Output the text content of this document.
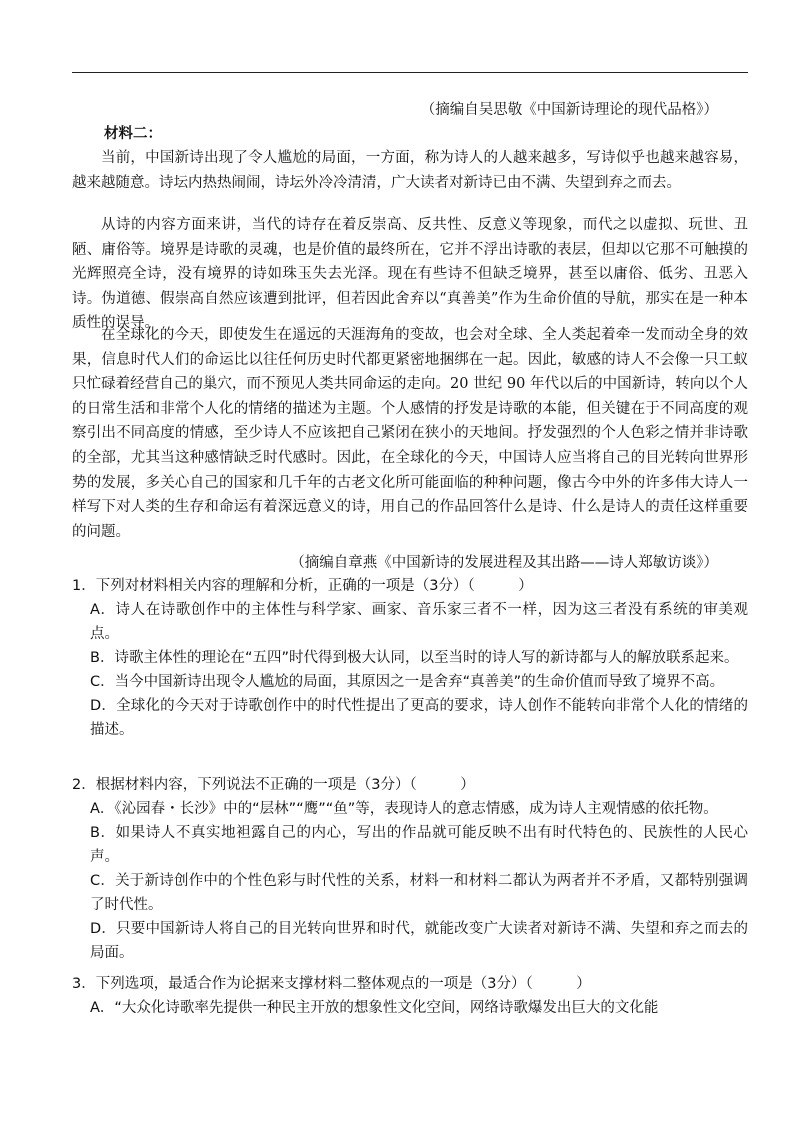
（摘编自吴思敬《中国新诗理论的现代品格》）
材料二：

当前，中国新诗出现了令人尴尬的局面，一方面，称为诗人的人越来越多，写诗似乎也越来越容易，越来越随意。诗坛内热热闹闹，诗坛外冷冷清清，广大读者对新诗已由不满、失望到弃之而去。

从诗的内容方面来讲，当代的诗存在着反崇高、反共性、反意义等现象，而代之以虚拟、玩世、丑陋、庸俗等。境界是诗歌的灵魂，也是价值的最终所在，它并不浮出诗歌的表层，但却以它那不可触摸的光辉照亮全诗，没有境界的诗如珠玉失去光泽。现在有些诗不但缺乏境界，甚至以庸俗、低劣、丑恶入诗。伪道德、假崇高自然应该遭到批评，但若因此舍弃以“真善美”作为生命价值的导航，那实在是一种本质性的误导。

在全球化的今天，即使发生在遥远的天涯海角的变故，也会对全球、全人类起着牵一发而动全身的效果，信息时代人们的命运比以往任何历史时代都更紧密地捆绑在一起。因此，敏感的诗人不会像一只工蚁只忙碌着经营自己的巢穴，而不预见人类共同命运的走向。20 世纪 90 年代以后的中国新诗，转向以个人的日常生活和非常个人化的情绪的描述为主题。个人感情的抒发是诗歌的本能，但关键在于不同高度的观察引出不同高度的情感，至少诗人不应该把自己紧闭在狭小的天地间。抒发强烈的个人色彩之情并非诗歌的全部，尤其当这种感情缺乏时代感时。因此，在全球化的今天，中国诗人应当将自己的目光转向世界形势的发展，多关心自己的国家和几千年的古老文化所可能面临的种种问题，像古今中外的许多伟大诗人一样写下对人类的生存和命运有着深远意义的诗，用自己的作品回答什么是诗、什么是诗人的责任这样重要的问题。

（摘编自章燕《中国新诗的发展进程及其出路——诗人郑敏访谈》）

1．下列对材料相关内容的理解和分析，正确的一项是（3分）（　　　）

A．诗人在诗歌创作中的主体性与科学家、画家、音乐家三者不一样，因为这三者没有系统的审美观点。

B．诗歌主体性的理论在“五四”时代得到极大认同，以至当时的诗人写的新诗都与人的解放联系起来。

C．当今中国新诗出现令人尴尬的局面，其原因之一是舍弃“真善美”的生命价值而导致了境界不高。

D．全球化的今天对于诗歌创作中的时代性提出了更高的要求，诗人创作不能转向非常个人化的情绪的描述。

2．根据材料内容，下列说法不正确的一项是（3分）（　　　）

A．《沁园春・长沙》中的“层林”“鹰”“鱼”等，表现诗人的意志情感，成为诗人主观情感的依托物。

B．如果诗人不真实地袒露自己的内心，写出的作品就可能反映不出有时代特色的、民族性的人民心声。

C．关于新诗创作中的个性色彩与时代性的关系，材料一和材料二都认为两者并不矛盾，又都特别强调了时代性。

D．只要中国新诗人将自己的目光转向世界和时代，就能改变广大读者对新诗不满、失望和弃之而去的局面。

3．下列选项，最适合作为论据来支撑材料二整体观点的一项是（3分）（　　　）

A．“大众化诗歌率先提供一种民主开放的想象性文化空间，网络诗歌爆发出巨大的文化能
